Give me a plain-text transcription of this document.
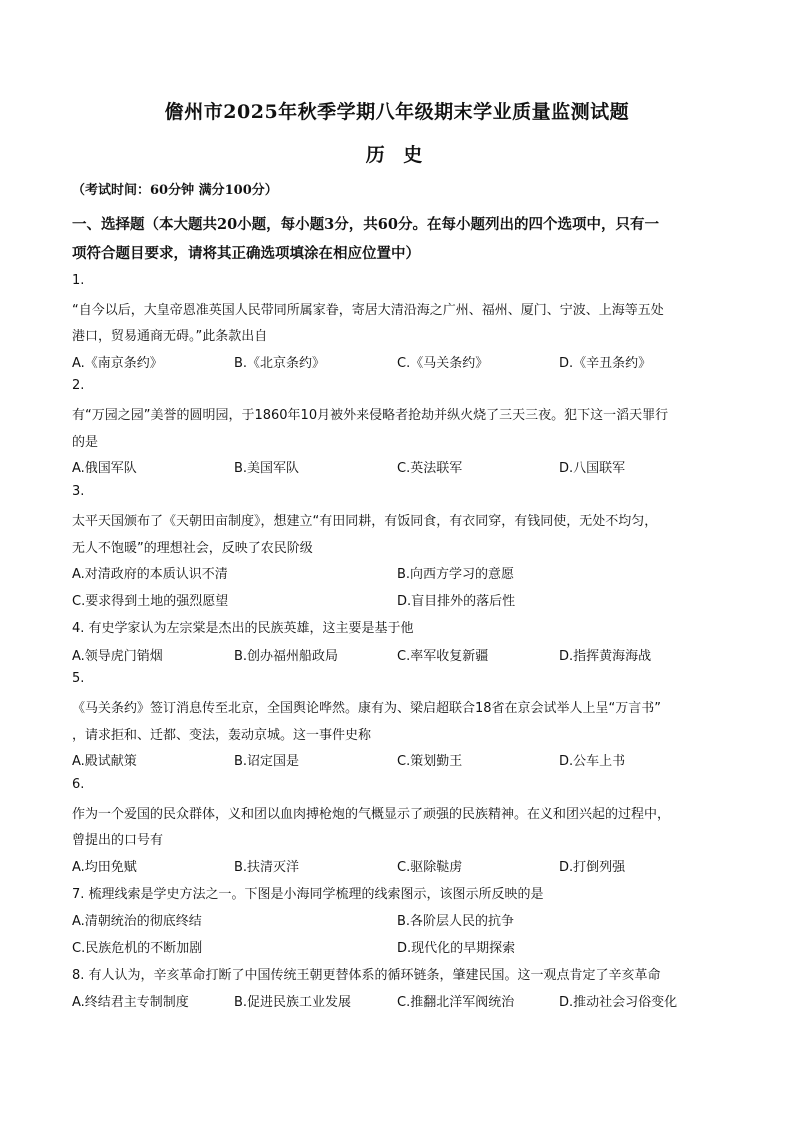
儋州市2025年秋季学期八年级期末学业质量监测试题
历 史
（考试时间：60分钟 满分100分）
一、选择题（本大题共20小题，每小题3分，共60分。在每小题列出的四个选项中，只有一
项符合题目要求，请将其正确选项填涂在相应位置中）
1.
“自今以后，大皇帝恩准英国人民带同所属家眷，寄居大清沿海之广州、福州、厦门、宁波、上海等五处
港口，贸易通商无碍。”此条款出自
A.《南京条约》	B.《北京条约》	C.《马关条约》	D.《辛丑条约》
2.
有“万园之园”美誉的圆明园，于1860年10月被外来侵略者抢劫并纵火烧了三天三夜。犯下这一滔天罪行
的是
A.俄国军队	B.美国军队	C.英法联军	D.八国联军
3.
太平天国颁布了《天朝田亩制度》，想建立“有田同耕，有饭同食，有衣同穿，有钱同使，无处不均匀，
无人不饱暖”的理想社会，反映了农民阶级
A.对清政府的本质认识不清	B.向西方学习的意愿
C.要求得到土地的强烈愿望	D.盲目排外的落后性
4. 有史学家认为左宗棠是杰出的民族英雄，这主要是基于他
A.领导虎门销烟	B.创办福州船政局	C.率军收复新疆	D.指挥黄海海战
5.
《马关条约》签订消息传至北京，全国舆论哗然。康有为、梁启超联合18省在京会试举人上呈“万言书”
，请求拒和、迁都、变法，轰动京城。这一事件史称
A.殿试献策	B.诏定国是	C.策划勤王	D.公车上书
6.
作为一个爱国的民众群体，义和团以血肉搏枪炮的气概显示了顽强的民族精神。在义和团兴起的过程中，
曾提出的口号有
A.均田免赋	B.扶清灭洋	C.驱除鞑虏	D.打倒列强
7. 梳理线索是学史方法之一。下图是小海同学梳理的线索图示，该图示所反映的是
A.清朝统治的彻底终结	B.各阶层人民的抗争
C.民族危机的不断加剧	D.现代化的早期探索
8. 有人认为，辛亥革命打断了中国传统王朝更替体系的循环链条，肇建民国。这一观点肯定了辛亥革命
A.终结君主专制制度	B.促进民族工业发展	C.推翻北洋军阀统治	D.推动社会习俗变化
